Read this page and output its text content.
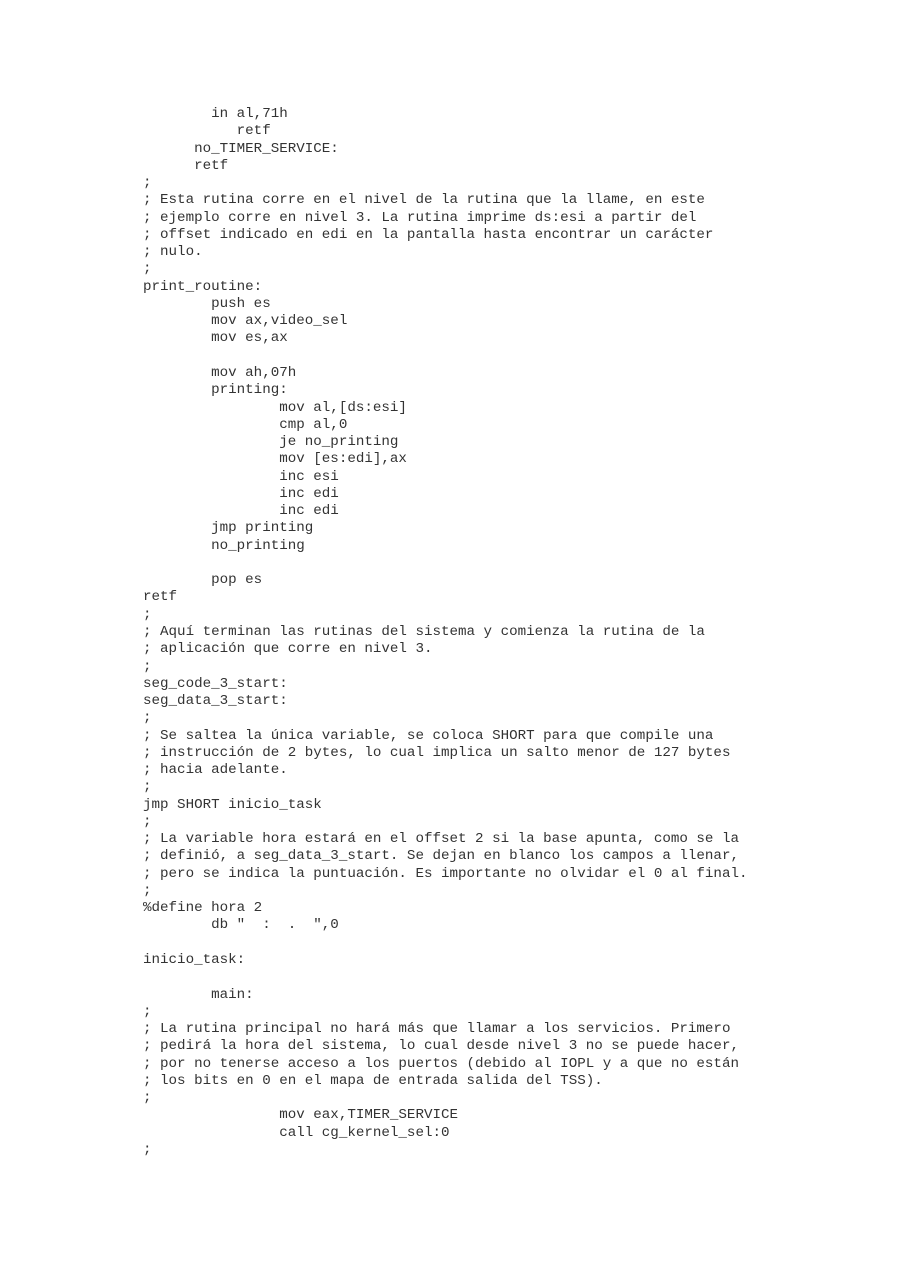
in al,71h
retf
no_TIMER_SERVICE:
retf
;
; Esta rutina corre en el nivel de la rutina que la llame, en este
; ejemplo corre en nivel 3. La rutina imprime ds:esi a partir del
; offset indicado en edi en la pantalla hasta encontrar un carácter
; nulo.
;
print_routine:
push es
mov ax,video_sel
mov es,ax
mov ah,07h
printing:
mov al,[ds:esi]
cmp al,0
je no_printing
mov [es:edi],ax
inc esi
inc edi
inc edi
jmp printing
no_printing
pop es
retf
;
; Aquí terminan las rutinas del sistema y comienza la rutina de la
; aplicación que corre en nivel 3.
;
seg_code_3_start:
seg_data_3_start:
;
; Se saltea la única variable, se coloca SHORT para que compile una
; instrucción de 2 bytes, lo cual implica un salto menor de 127 bytes
; hacia adelante.
;
jmp SHORT inicio_task
;
; La variable hora estará en el offset 2 si la base apunta, como se la
; definió, a seg_data_3_start. Se dejan en blanco los campos a llenar,
; pero se indica la puntuación. Es importante no olvidar el 0 al final.
;
%define hora 2
db "  :  .  ",0
inicio_task:
main:
;
; La rutina principal no hará más que llamar a los servicios. Primero
; pedirá la hora del sistema, lo cual desde nivel 3 no se puede hacer,
; por no tenerse acceso a los puertos (debido al IOPL y a que no están
; los bits en 0 en el mapa de entrada salida del TSS).
;
mov eax,TIMER_SERVICE
call cg_kernel_sel:0
;
